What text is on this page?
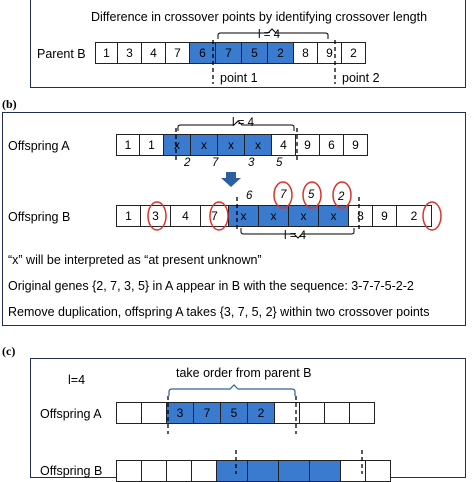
Difference in crossover points by identifying crossover length
l = 4
Parent B	1	3	4	7	6	7	5	2	8	9	2
point 1	point 2
(b)
l = 4
Offspring A	1	1	x	x	x	x	4	9	6	9
2 7	3 5
6 7 5 2
Offspring B	1	3	4	7	x	x	x	x	8	9	2
l = 4
“x” will be interpreted as “at present unknown”
Original genes {2, 7, 3, 5} in A appear in B with the sequence: 3-7-7-5-2-2
Remove duplication, offspring A takes {3, 7, 5, 2} within two crossover points
(c)
l=4	take order from parent B
Offspring A	3	7	5	2
Offspring B
